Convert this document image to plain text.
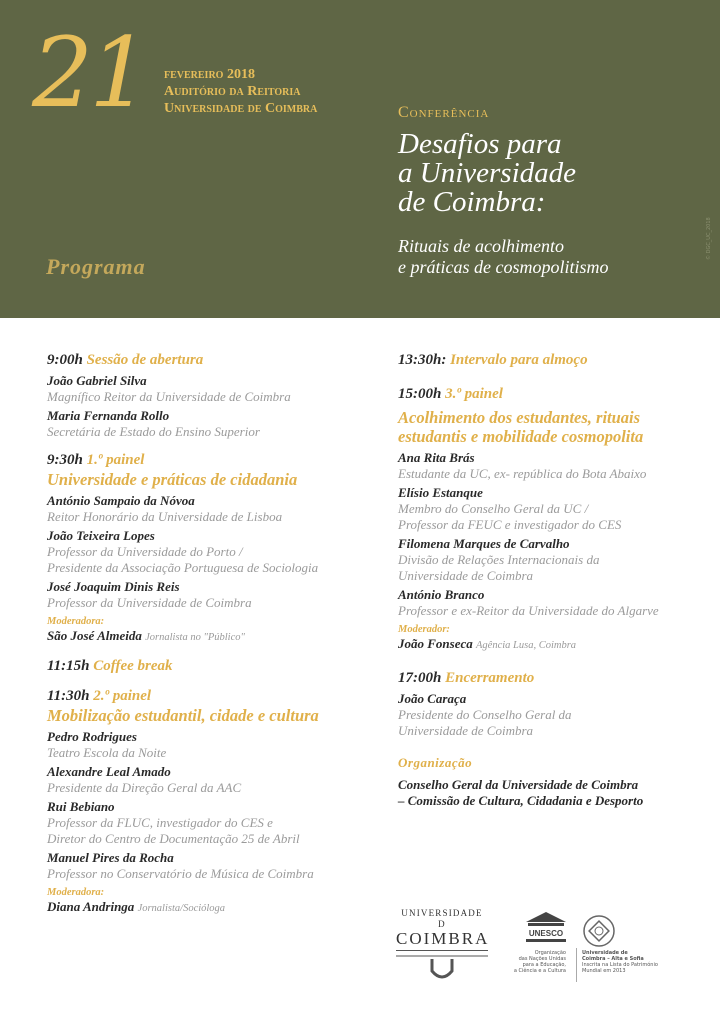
21 fevereiro 2018
Auditório da Reitoria
Universidade de Coimbra
Programa
Conferência
Desafios para
a Universidade
de Coimbra:
Rituais de acolhimento
e práticas de cosmopolitismo
© DGC_UC_2018
9:00h Sessão de abertura
João Gabriel Silva
Magnífico Reitor da Universidade de Coimbra
Maria Fernanda Rollo
Secretária de Estado do Ensino Superior
9:30h 1.º painel
Universidade e práticas de cidadania
António Sampaio da Nóvoa
Reitor Honorário da Universidade de Lisboa
João Teixeira Lopes
Professor da Universidade do Porto /
Presidente da Associação Portuguesa de Sociologia
José Joaquim Dinis Reis
Professor da Universidade de Coimbra
Moderadora:
São José Almeida Jornalista no "Público"
11:15h Coffee break
11:30h 2.º painel
Mobilização estudantil, cidade e cultura
Pedro Rodrigues
Teatro Escola da Noite
Alexandre Leal Amado
Presidente da Direção Geral da AAC
Rui Bebiano
Professor da FLUC, investigador do CES e
Diretor do Centro de Documentação 25 de Abril
Manuel Pires da Rocha
Professor no Conservatório de Música de Coimbra
Moderadora:
Diana Andringa Jornalista/Socióloga
13:30h: Intervalo para almoço
15:00h 3.º painel
Acolhimento dos estudantes, rituais estudantis e mobilidade cosmopolita
Ana Rita Brás
Estudante da UC, ex- república do Bota Abaixo
Elísio Estanque
Membro do Conselho Geral da UC /
Professor da FEUC e investigador do CES
Filomena Marques de Carvalho
Divisão de Relações Internacionais da
Universidade de Coimbra
António Branco
Professor e ex-Reitor da Universidade do Algarve
Moderador:
João Fonseca Agência Lusa, Coimbra
17:00h Encerramento
João Caraça
Presidente do Conselho Geral da
Universidade de Coimbra
Organização
Conselho Geral da Universidade de Coimbra
– Comissão de Cultura, Cidadania e Desporto
UNIVERSIDADE D
COIMBRA	UNESCO
Organização
das Nações Unidas
para a Educação,
a Ciência e a Cultura
Universidade de
Coimbra – Alta e Sofia
Inscrita na Lista do Património
Mundial em 2013
